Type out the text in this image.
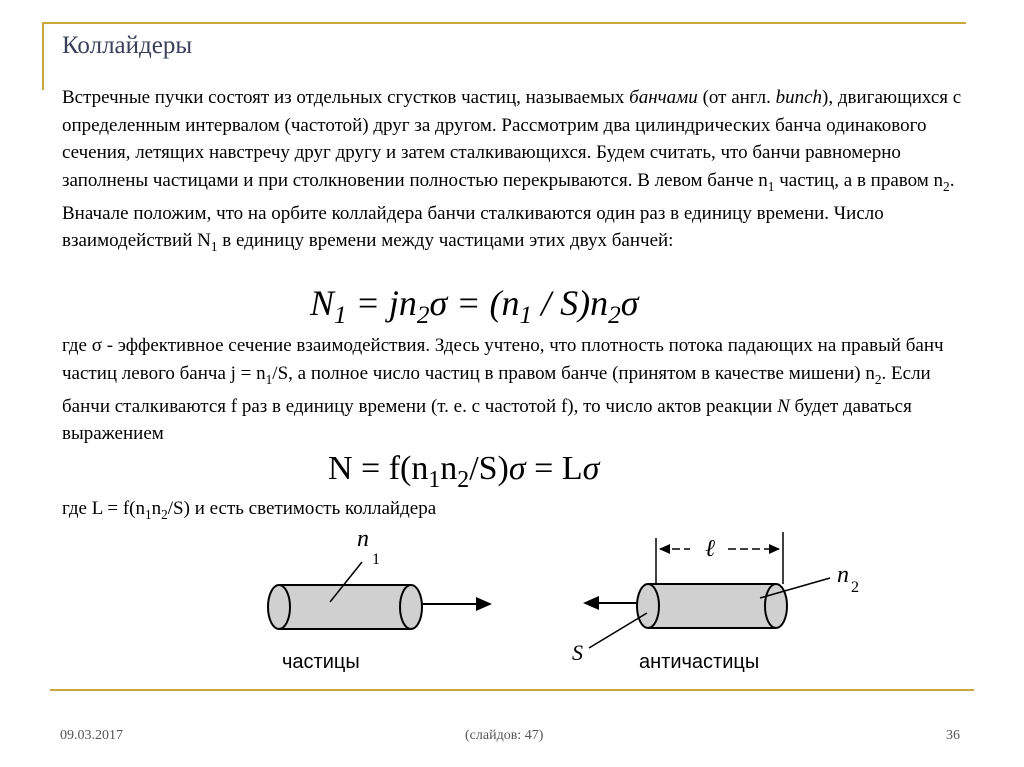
Коллайдеры

Встречные пучки состоят из отдельных сгустков частиц, называемых банчами (от англ. bunch), двигающихся с определенным интервалом (частотой) друг за другом. Рассмотрим два цилиндрических банча одинакового сечения, летящих навстречу друг другу и затем сталкивающихся. Будем считать, что банчи равномерно заполнены частицами и при столкновении полностью перекрываются. В левом банче $n_1$ частиц, а в правом $n_2$. Вначале положим, что на орбите коллайдера банчи сталкиваются один раз в единицу времени. Число взаимодействий $N_1$ в единицу времени между частицами этих двух банчей:

$N_1 = jn_2\sigma = (n_1 / S)n_2\sigma$
где σ - эффективное сечение взаимодействия. Здесь учтено, что плотность потока падающих на правый банч частиц левого банча $j = n_1/S$, а полное число частиц в правом банче (принятом в качестве мишени) $n_2$. Если банчи сталкиваются f раз в единицу времени (т. е. с частотой f), то число актов реакции N будет даваться выражением
$N = f(n_1n_2/S)\sigma = L\sigma$
где $L = f(n_1n_2/S)$ и есть светимость коллайдера
n
1
частицы
ℓ
n 2
S	античастицы
09.03.2017	(слайдов: 47)	36
